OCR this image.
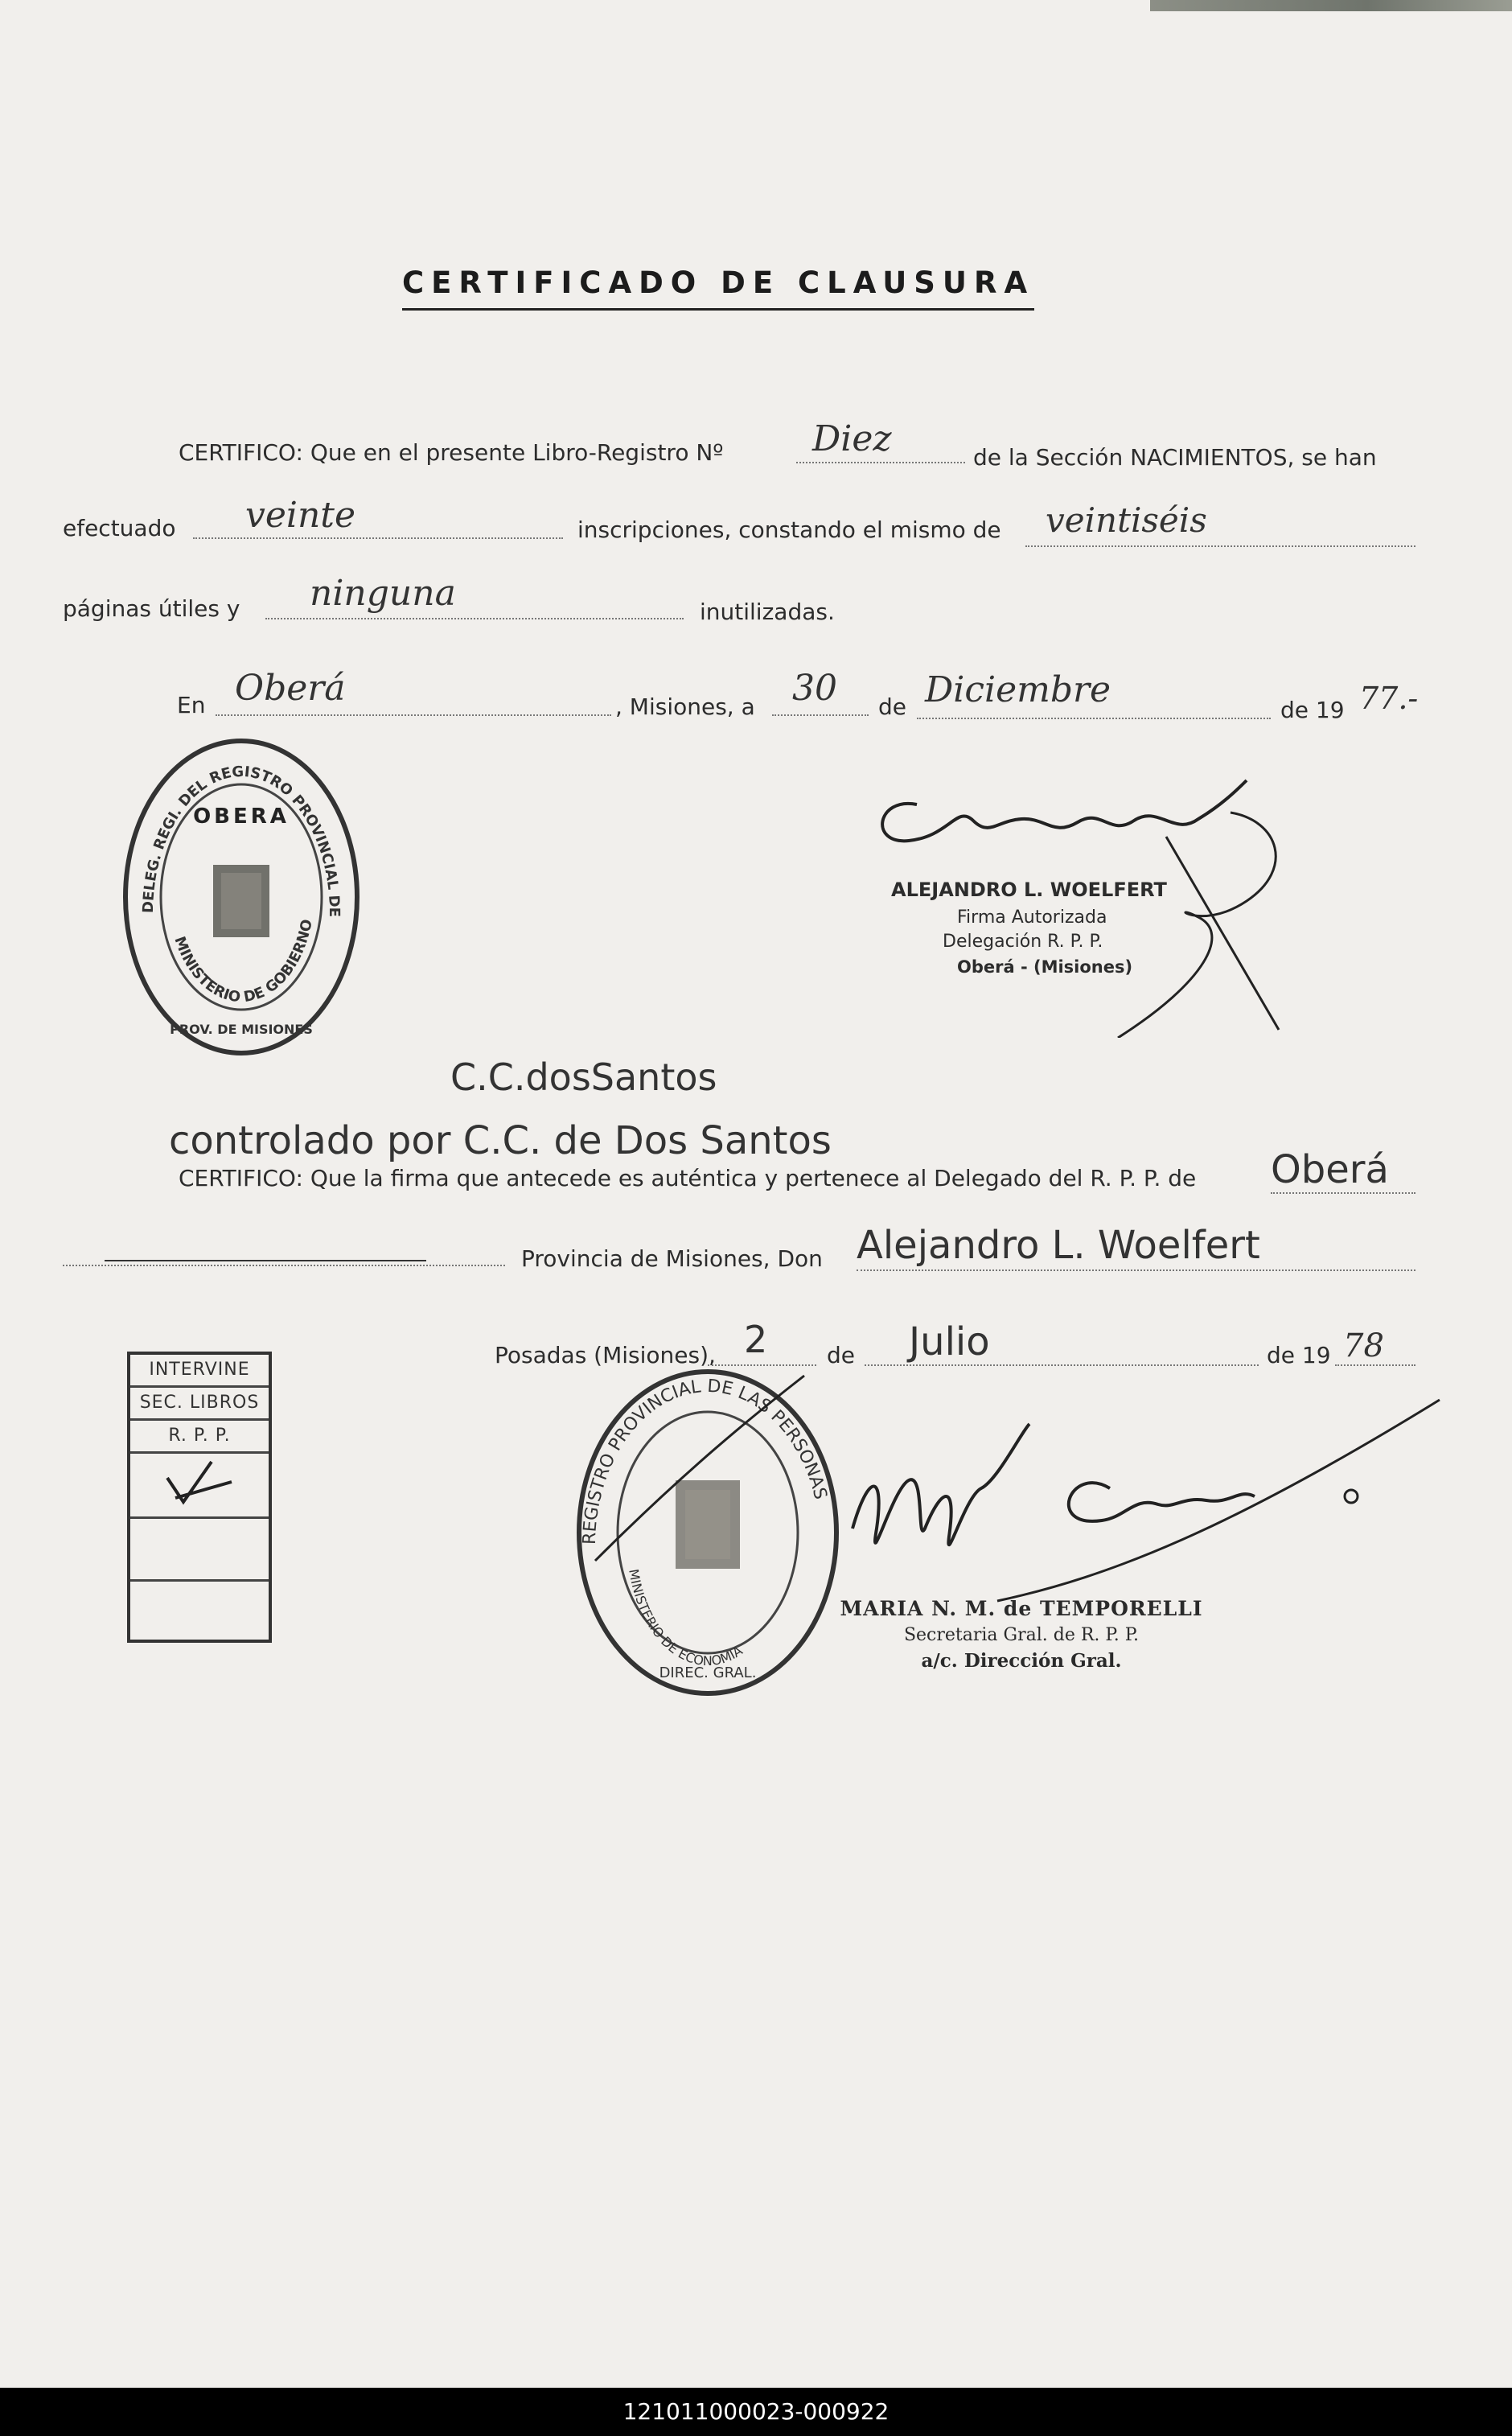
CERTIFICADO DE CLAUSURA
CERTIFICO: Que en el presente Libro-Registro Nº	Diez	de la Sección NACIMIENTOS, se han
efectuado veinte	inscripciones, constando el mismo de veintiséis
páginas útiles y ninguna	inutilizadas.
En Oberá	, Misiones, a 30 de Diciembre	de 19 77.-
DELEG. REGI. DEL REGISTRO PROVINCIAL DE
MINISTERIO DE GOBIERNO
OBERA
PROV. DE MISIONES
ALEJANDRO L. WOELFERT
Firma Autorizada
Delegación R. P. P.
Oberá - (Misiones)
C.C.dosSantos
controlado por C.C. de Dos Santos
CERTIFICO: Que la firma que antecede es auténtica y pertenece al Delegado del R. P. P. de Oberá
Provincia de Misiones, Don Alejandro L. Woelfert
Posadas (Misiones), 2	de Julio	de 19 78
INTERVINE
SEC. LIBROS
R. P. P.
REGISTRO PROVINCIAL DE LAS PERSONAS
MINISTERIO DE ECONOMIA
DIREC. GRAL.
MARIA N. M. de TEMPORELLI
Secretaria Gral. de R. P. P.
a/c. Dirección Gral.
121011000023-000922
